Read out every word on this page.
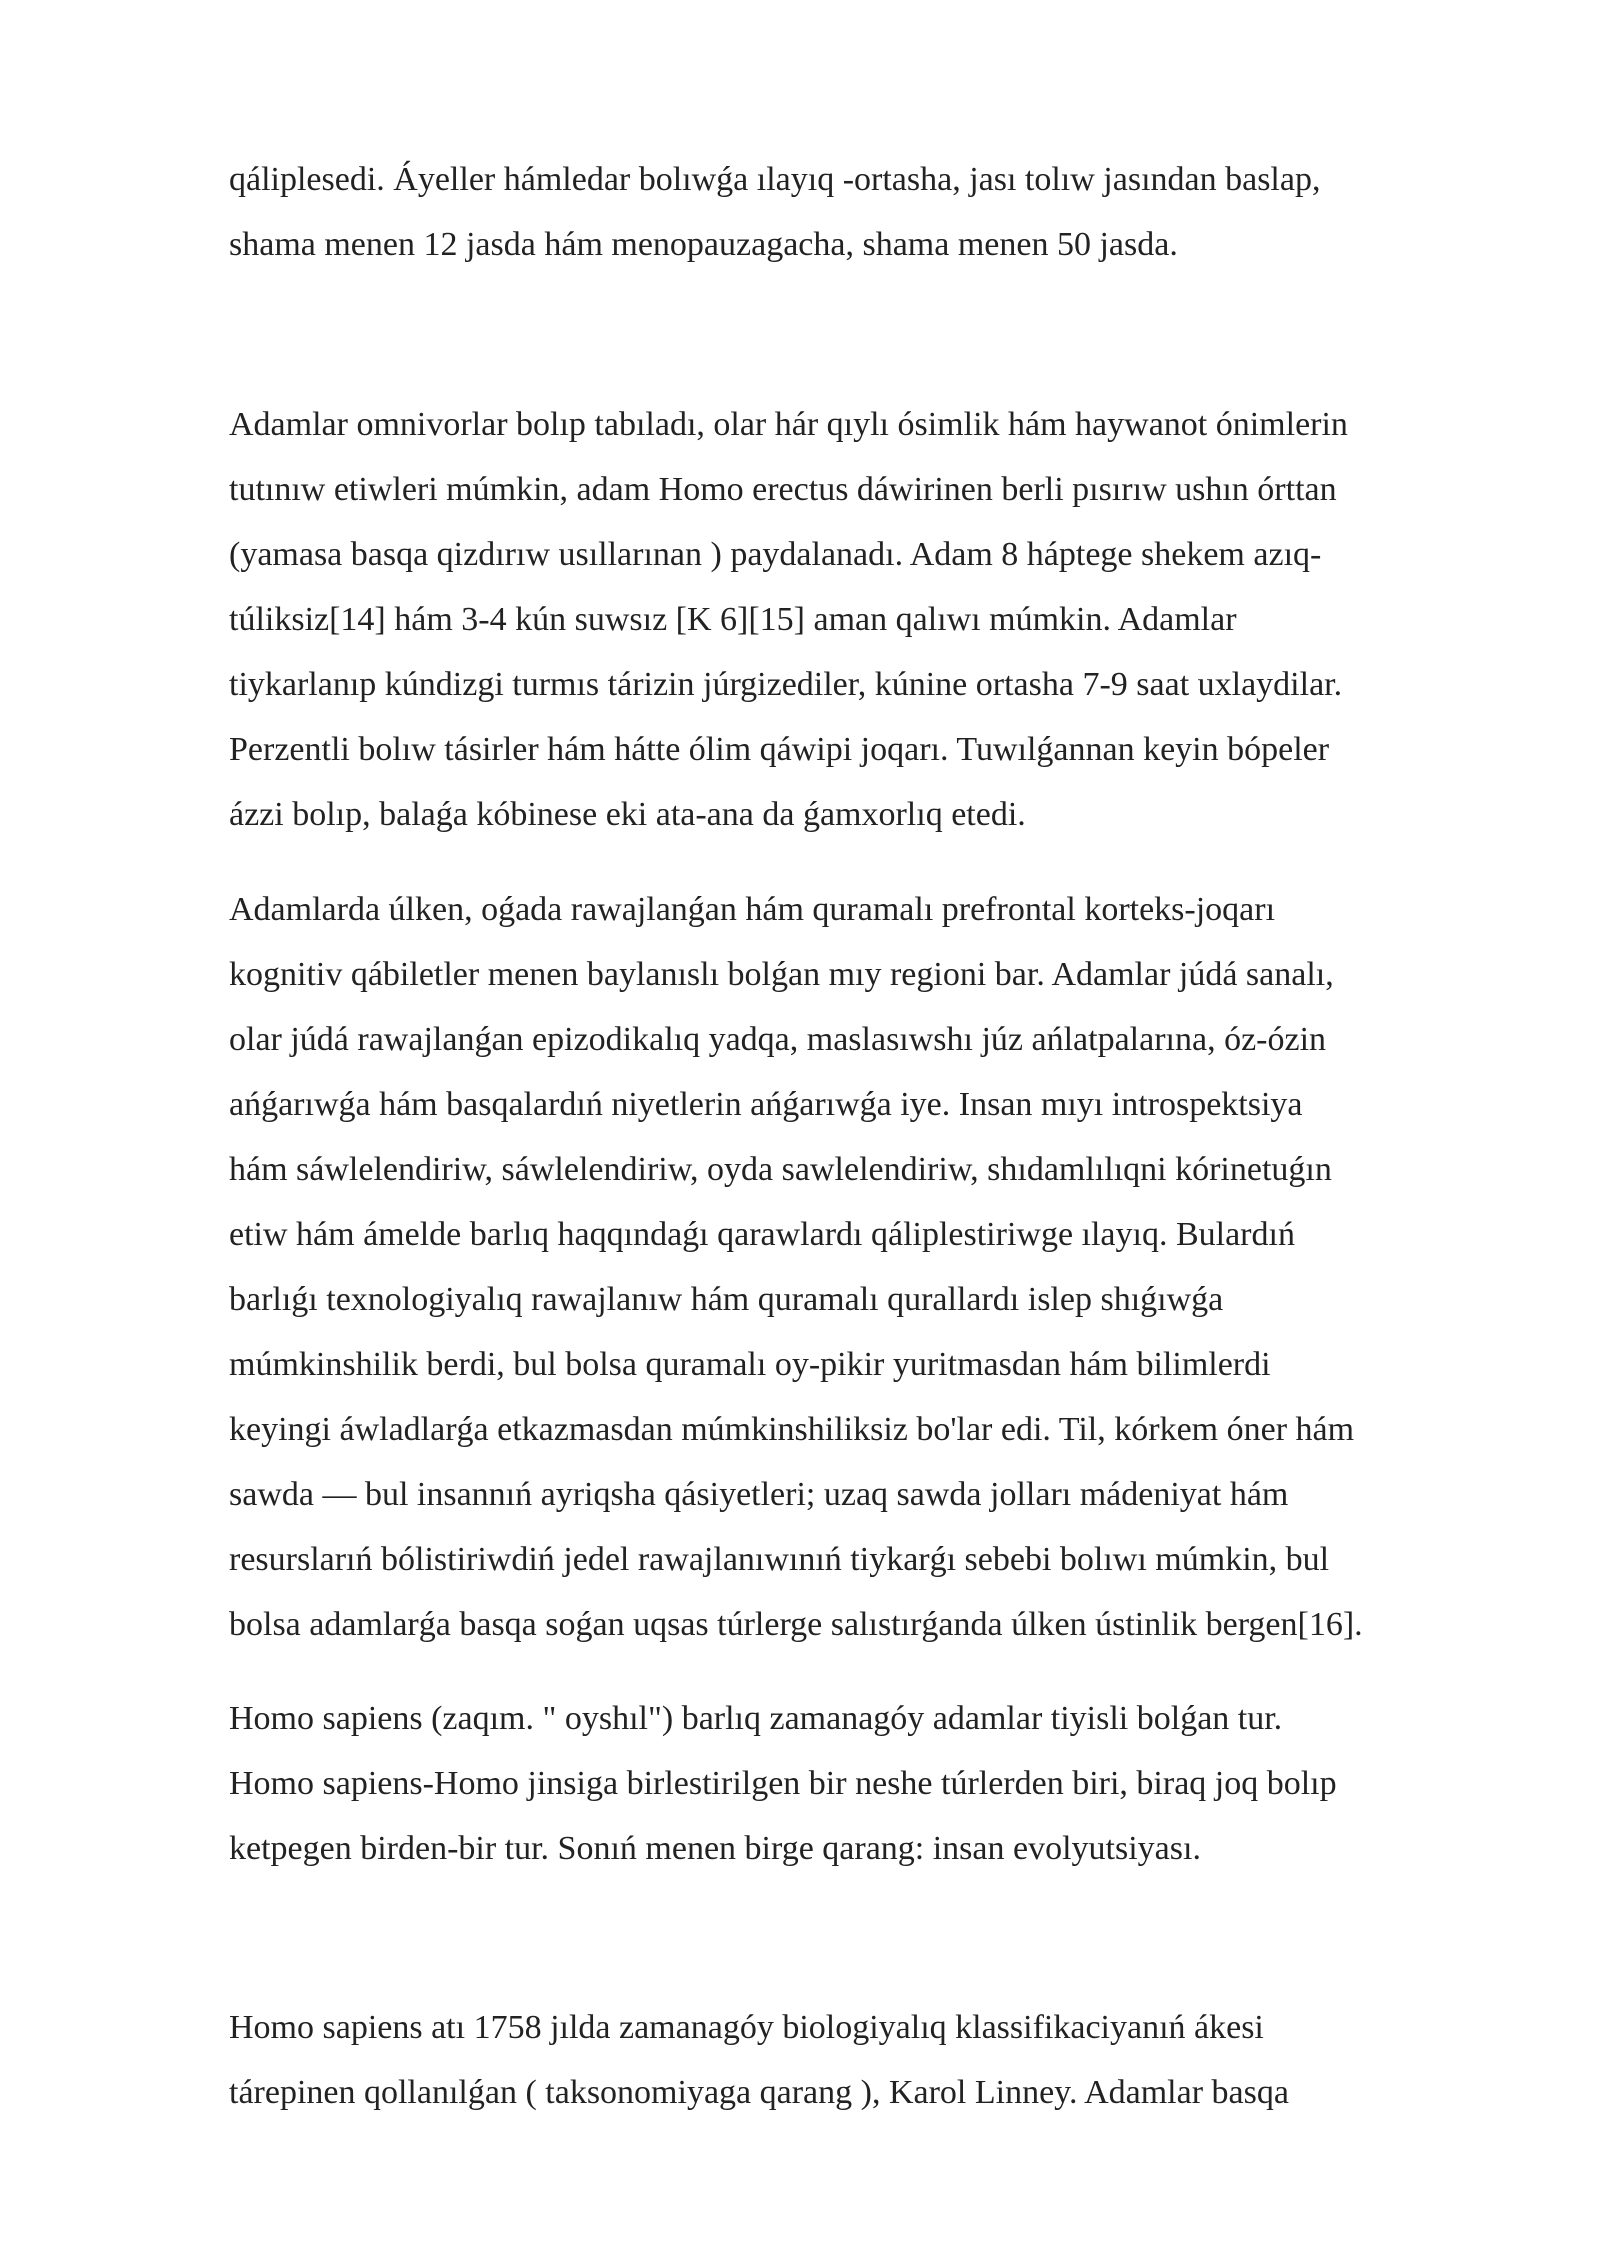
qáliplesedi. Áyeller hámledar bolıwǵa ılayıq -ortasha, jası tolıw jasından baslap,
shama menen 12 jasda hám menopauzagacha, shama menen 50 jasda.

Adamlar omnivorlar bolıp tabıladı, olar hár qıylı ósimlik hám haywanot ónimlerin
tutınıw etiwleri múmkin, adam Homo erectus dáwirinen berli pısırıw ushın órttan
(yamasa basqa qizdırıw usıllarınan ) paydalanadı. Adam 8 háptege shekem azıq-
túliksiz[14] hám 3-4 kún suwsız [K 6][15] aman qalıwı múmkin. Adamlar
tiykarlanıp kúndizgi turmıs tárizin júrgizediler, kúnine ortasha 7-9 saat uxlaydilar.
Perzentli bolıw tásirler hám hátte ólim qáwipi joqarı. Tuwılǵannan keyin bópeler
ázzi bolıp, balaǵa kóbinese eki ata-ana da ǵamxorlıq etedi.

Adamlarda úlken, oǵada rawajlanǵan hám quramalı prefrontal korteks-joqarı
kognitiv qábiletler menen baylanıslı bolǵan mıy regioni bar. Adamlar júdá sanalı,
olar júdá rawajlanǵan epizodikalıq yadqa, maslasıwshı júz ańlatpalarına, óz-ózin
ańǵarıwǵa hám basqalardıń niyetlerin ańǵarıwǵa iye. Insan mıyı introspektsiya
hám sáwlelendiriw, sáwlelendiriw, oyda sawlelendiriw, shıdamlılıqni kórinetuǵın
etiw hám ámelde barlıq haqqındaǵı qarawlardı qáliplestiriwge ılayıq. Bulardıń
barlıǵı texnologiyalıq rawajlanıw hám quramalı qurallardı islep shıǵıwǵa
múmkinshilik berdi, bul bolsa quramalı oy-pikir yuritmasdan hám bilimlerdi
keyingi áwladlarǵa etkazmasdan múmkinshiliksiz bo'lar edi. Til, kórkem óner hám
sawda — bul insannıń ayriqsha qásiyetleri; uzaq sawda jolları mádeniyat hám
resurslarıń bólistiriwdiń jedel rawajlanıwınıń tiykarǵı sebebi bolıwı múmkin, bul
bolsa adamlarǵa basqa soǵan uqsas túrlerge salıstırǵanda úlken ústinlik bergen[16].

Homo sapiens (zaqım. " oyshıl") barlıq zamanagóy adamlar tiyisli bolǵan tur.
Homo sapiens-Homo jinsiga birlestirilgen bir neshe túrlerden biri, biraq joq bolıp
ketpegen birden-bir tur. Sonıń menen birge qarang: insan evolyutsiyası.

Homo sapiens atı 1758 jılda zamanagóy biologiyalıq klassifikaciyanıń ákesi
tárepinen qollanılǵan ( taksonomiyaga qarang ), Karol Linney. Adamlar basqa
